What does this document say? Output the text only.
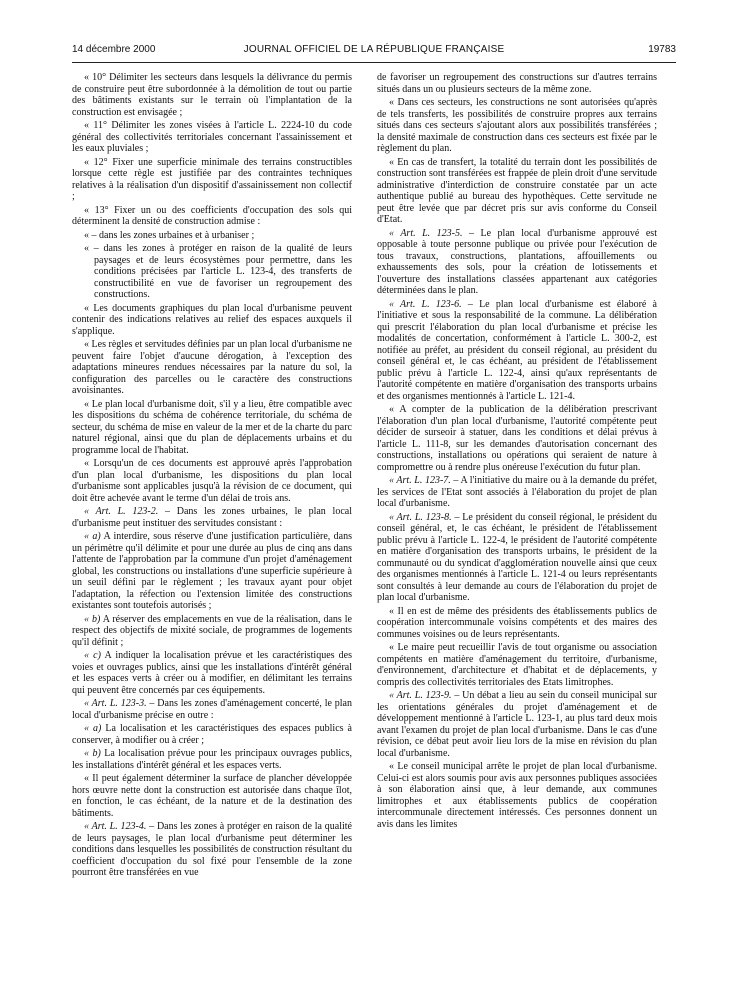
14 décembre 2000	JOURNAL OFFICIEL DE LA RÉPUBLIQUE FRANÇAISE	19783

« 10° Délimiter les secteurs dans lesquels la délivrance du permis de construire peut être subordonnée à la démolition de tout ou partie des bâtiments existants sur le terrain où l'implantation de la construction est envisagée ;

« 11° Délimiter les zones visées à l'article L. 2224-10 du code général des collectivités territoriales concernant l'assainissement et les eaux pluviales ;

« 12° Fixer une superficie minimale des terrains constructibles lorsque cette règle est justifiée par des contraintes techniques relatives à la réalisation d'un dispositif d'assainissement non collectif ;

« 13° Fixer un ou des coefficients d'occupation des sols qui déterminent la densité de construction admise :

« – dans les zones urbaines et à urbaniser ;

« – dans les zones à protéger en raison de la qualité de leurs paysages et de leurs écosystèmes pour permettre, dans les conditions précisées par l'article L. 123-4, des transferts de constructibilité en vue de favoriser un regroupement des constructions.

« Les documents graphiques du plan local d'urbanisme peuvent contenir des indications relatives au relief des espaces auxquels il s'applique.

« Les règles et servitudes définies par un plan local d'urbanisme ne peuvent faire l'objet d'aucune dérogation, à l'exception des adaptations mineures rendues nécessaires par la nature du sol, la configuration des parcelles ou le caractère des constructions avoisinantes.

« Le plan local d'urbanisme doit, s'il y a lieu, être compatible avec les dispositions du schéma de cohérence territoriale, du schéma de secteur, du schéma de mise en valeur de la mer et de la charte du parc naturel régional, ainsi que du plan de déplacements urbains et du programme local de l'habitat.

« Lorsqu'un de ces documents est approuvé après l'approbation d'un plan local d'urbanisme, les dispositions du plan local d'urbanisme sont applicables jusqu'à la révision de ce document, qui doit être achevée avant le terme d'un délai de trois ans.

« Art. L. 123-2. – Dans les zones urbaines, le plan local d'urbanisme peut instituer des servitudes consistant :

« a) A interdire, sous réserve d'une justification particulière, dans un périmètre qu'il délimite et pour une durée au plus de cinq ans dans l'attente de l'approbation par la commune d'un projet d'aménagement global, les constructions ou installations d'une superficie supérieure à un seuil défini par le règlement ; les travaux ayant pour objet l'adaptation, la réfection ou l'extension limitée des constructions existantes sont toutefois autorisés ;

« b) A réserver des emplacements en vue de la réalisation, dans le respect des objectifs de mixité sociale, de programmes de logements qu'il définit ;

« c) A indiquer la localisation prévue et les caractéristiques des voies et ouvrages publics, ainsi que les installations d'intérêt général et les espaces verts à créer ou à modifier, en délimitant les terrains qui peuvent être concernés par ces équipements.

« Art. L. 123-3. – Dans les zones d'aménagement concerté, le plan local d'urbanisme précise en outre :

« a) La localisation et les caractéristiques des espaces publics à conserver, à modifier ou à créer ;

« b) La localisation prévue pour les principaux ouvrages publics, les installations d'intérêt général et les espaces verts.

« Il peut également déterminer la surface de plancher développée hors œuvre nette dont la construction est autorisée dans chaque îlot, en fonction, le cas échéant, de la nature et de la destination des bâtiments.

« Art. L. 123-4. – Dans les zones à protéger en raison de la qualité de leurs paysages, le plan local d'urbanisme peut déterminer les conditions dans lesquelles les possibilités de construction résultant du coefficient d'occupation du sol fixé pour l'ensemble de la zone pourront être transférées en vue

de favoriser un regroupement des constructions sur d'autres terrains situés dans un ou plusieurs secteurs de la même zone.

« Dans ces secteurs, les constructions ne sont autorisées qu'après de tels transferts, les possibilités de construire propres aux terrains situés dans ces secteurs s'ajoutant alors aux possibilités transférées ; la densité maximale de construction dans ces secteurs est fixée par le règlement du plan.

« En cas de transfert, la totalité du terrain dont les possibilités de construction sont transférées est frappée de plein droit d'une servitude administrative d'interdiction de construire constatée par un acte authentique publié au bureau des hypothèques. Cette servitude ne peut être levée que par décret pris sur avis conforme du Conseil d'Etat.

« Art. L. 123-5. – Le plan local d'urbanisme approuvé est opposable à toute personne publique ou privée pour l'exécution de tous travaux, constructions, plantations, affouillements ou exhaussements des sols, pour la création de lotissements et l'ouverture des installations classées appartenant aux catégories déterminées dans le plan.

« Art. L. 123-6. – Le plan local d'urbanisme est élaboré à l'initiative et sous la responsabilité de la commune. La délibération qui prescrit l'élaboration du plan local d'urbanisme et précise les modalités de concertation, conformément à l'article L. 300-2, est notifiée au préfet, au président du conseil régional, au président du conseil général et, le cas échéant, au président de l'établissement public prévu à l'article L. 122-4, ainsi qu'aux représentants de l'autorité compétente en matière d'organisation des transports urbains et des organismes mentionnés à l'article L. 121-4.

« A compter de la publication de la délibération prescrivant l'élaboration d'un plan local d'urbanisme, l'autorité compétente peut décider de surseoir à statuer, dans les conditions et délai prévus à l'article L. 111-8, sur les demandes d'autorisation concernant des constructions, installations ou opérations qui seraient de nature à compromettre ou à rendre plus onéreuse l'exécution du futur plan.

« Art. L. 123-7. – A l'initiative du maire ou à la demande du préfet, les services de l'Etat sont associés à l'élaboration du projet de plan local d'urbanisme.

« Art. L. 123-8. – Le président du conseil régional, le président du conseil général, et, le cas échéant, le président de l'établissement public prévu à l'article L. 122-4, le président de l'autorité compétente en matière d'organisation des transports urbains, le président de la communauté ou du syndicat d'agglomération nouvelle ainsi que ceux des organismes mentionnés à l'article L. 121-4 ou leurs représentants sont consultés à leur demande au cours de l'élaboration du projet de plan local d'urbanisme.

« Il en est de même des présidents des établissements publics de coopération intercommunale voisins compétents et des maires des communes voisines ou de leurs représentants.

« Le maire peut recueillir l'avis de tout organisme ou association compétents en matière d'aménagement du territoire, d'urbanisme, d'environnement, d'architecture et d'habitat et de déplacements, y compris des collectivités territoriales des Etats limitrophes.

« Art. L. 123-9. – Un débat a lieu au sein du conseil municipal sur les orientations générales du projet d'aménagement et de développement mentionné à l'article L. 123-1, au plus tard deux mois avant l'examen du projet de plan local d'urbanisme. Dans le cas d'une révision, ce débat peut avoir lieu lors de la mise en révision du plan local d'urbanisme.

« Le conseil municipal arrête le projet de plan local d'urbanisme. Celui-ci est alors soumis pour avis aux personnes publiques associées à son élaboration ainsi que, à leur demande, aux communes limitrophes et aux établissements publics de coopération intercommunale directement intéressés. Ces personnes donnent un avis dans les limites
